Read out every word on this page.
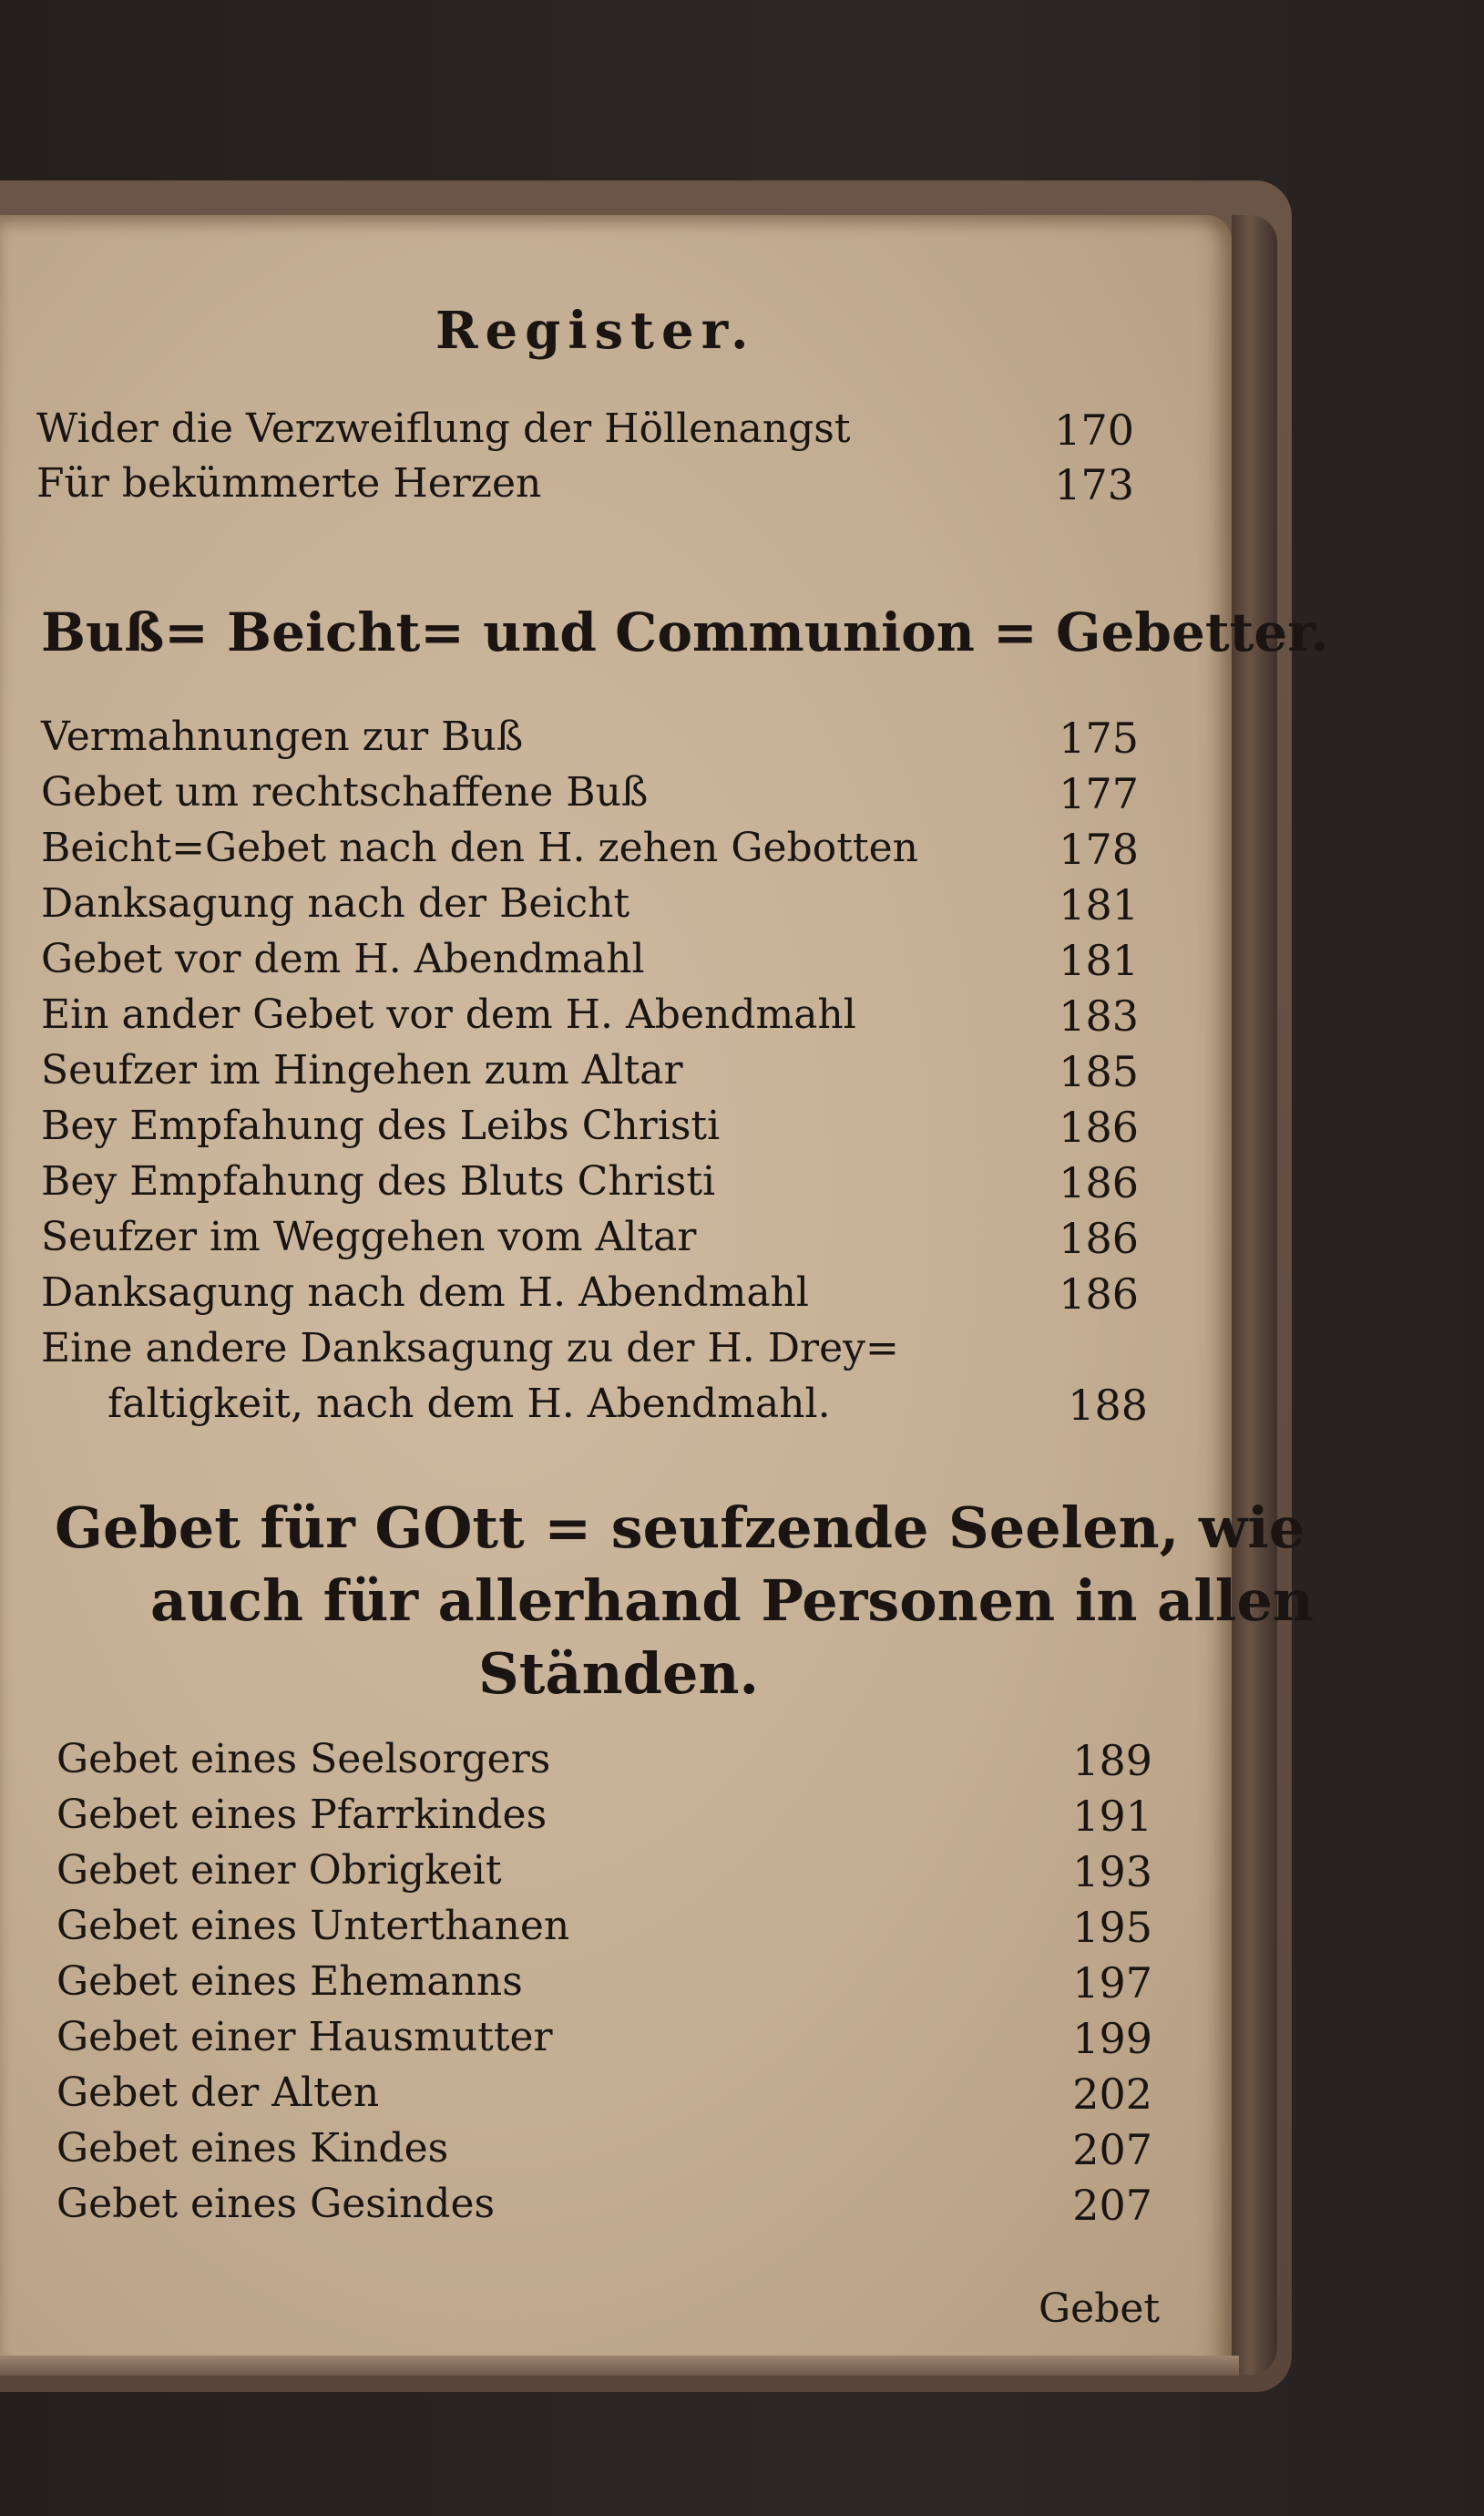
Register.
Wider die Verzweiflung der Höllenangst	170
Für bekümmerte Herzen	173
Buß= Beicht= und Communion = Gebetter.
Vermahnungen zur Buß	175
Gebet um rechtschaffene Buß	177
Beicht=Gebet nach den H. zehen Gebotten	178
Danksagung nach der Beicht	181
Gebet vor dem H. Abendmahl	181
Ein ander Gebet vor dem H. Abendmahl	183
Seufzer im Hingehen zum Altar	185
Bey Empfahung des Leibs Christi	186
Bey Empfahung des Bluts Christi	186
Seufzer im Weggehen vom Altar	186
Danksagung nach dem H. Abendmahl	186
Eine andere Danksagung zu der H. Drey=
faltigkeit, nach dem H. Abendmahl.	188
Gebet für GOtt = seufzende Seelen, wie
auch für allerhand Personen in allen
Ständen.
Gebet eines Seelsorgers	189
Gebet eines Pfarrkindes	191
Gebet einer Obrigkeit	193
Gebet eines Unterthanen	195
Gebet eines Ehemanns	197
Gebet einer Hausmutter	199
Gebet der Alten	202
Gebet eines Kindes	207
Gebet eines Gesindes	207
Gebet
